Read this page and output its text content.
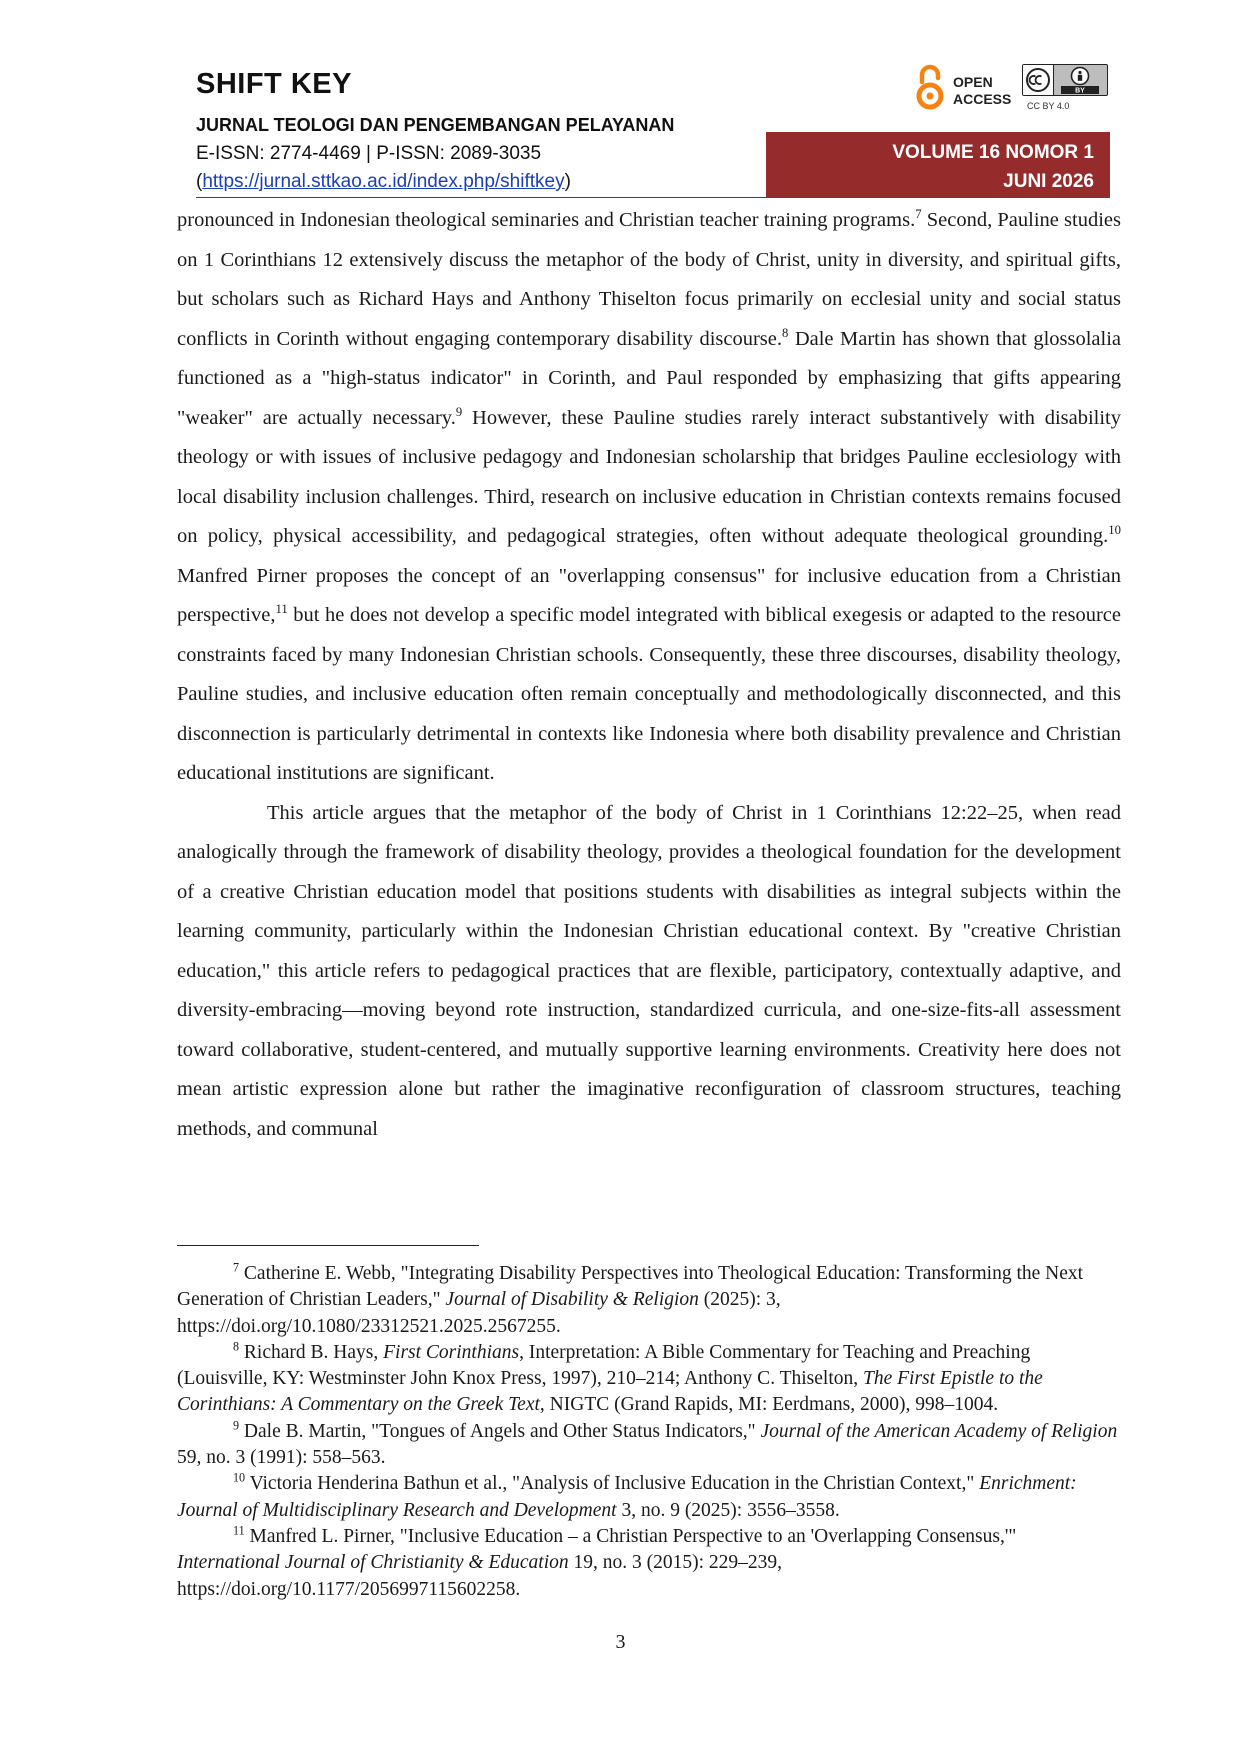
SHIFT KEY
JURNAL TEOLOGI DAN PENGEMBANGAN PELAYANAN
E-ISSN: 2774-4469 | P-ISSN: 2089-3035
(https://jurnal.sttkao.ac.id/index.php/shiftkey)
OPEN
ACCESS	BY
CC BY 4.0
VOLUME 16 NOMOR 1
JUNI 2026

pronounced in Indonesian theological seminaries and Christian teacher training programs.$^7$ Second, Pauline studies on 1 Corinthians 12 extensively discuss the metaphor of the body of Christ, unity in diversity, and spiritual gifts, but scholars such as Richard Hays and Anthony Thiselton focus primarily on ecclesial unity and social status conflicts in Corinth without engaging contemporary disability discourse.$^8$ Dale Martin has shown that glossolalia functioned as a "high-status indicator" in Corinth, and Paul responded by emphasizing that gifts appearing "weaker" are actually necessary.$^9$ However, these Pauline studies rarely interact substantively with disability theology or with issues of inclusive pedagogy and Indonesian scholarship that bridges Pauline ecclesiology with local disability inclusion challenges. Third, research on inclusive education in Christian contexts remains focused on policy, physical accessibility, and pedagogical strategies, often without adequate theological grounding.$^{10}$ Manfred Pirner proposes the concept of an "overlapping consensus" for inclusive education from a Christian perspective,$^{11}$ but he does not develop a specific model integrated with biblical exegesis or adapted to the resource constraints faced by many Indonesian Christian schools. Consequently, these three discourses, disability theology, Pauline studies, and inclusive education often remain conceptually and methodologically disconnected, and this disconnection is particularly detrimental in contexts like Indonesia where both disability prevalence and Christian educational institutions are significant.

This article argues that the metaphor of the body of Christ in 1 Corinthians 12:22–25, when read analogically through the framework of disability theology, provides a theological foundation for the development of a creative Christian education model that positions students with disabilities as integral subjects within the learning community, particularly within the Indonesian Christian educational context. By "creative Christian education," this article refers to pedagogical practices that are flexible, participatory, contextually adaptive, and diversity-embracing—moving beyond rote instruction, standardized curricula, and one-size-fits-all assessment toward collaborative, student-centered, and mutually supportive learning environments. Creativity here does not mean artistic expression alone but rather the imaginative reconfiguration of classroom structures, teaching methods, and communal

$^7$ Catherine E. Webb, "Integrating Disability Perspectives into Theological Education: Transforming the Next Generation of Christian Leaders," Journal of Disability & Religion (2025): 3, https://doi.org/10.1080/23312521.2025.2567255.

$^8$ Richard B. Hays, First Corinthians, Interpretation: A Bible Commentary for Teaching and Preaching (Louisville, KY: Westminster John Knox Press, 1997), 210–214; Anthony C. Thiselton, The First Epistle to the Corinthians: A Commentary on the Greek Text, NIGTC (Grand Rapids, MI: Eerdmans, 2000), 998–1004.

$^9$ Dale B. Martin, "Tongues of Angels and Other Status Indicators," Journal of the American Academy of Religion 59, no. 3 (1991): 558–563.

$^{10}$ Victoria Henderina Bathun et al., "Analysis of Inclusive Education in the Christian Context," Enrichment: Journal of Multidisciplinary Research and Development 3, no. 9 (2025): 3556–3558.

$^{11}$ Manfred L. Pirner, "Inclusive Education – a Christian Perspective to an 'Overlapping Consensus,'" International Journal of Christianity & Education 19, no. 3 (2015): 229–239, https://doi.org/10.1177/2056997115602258.

3
